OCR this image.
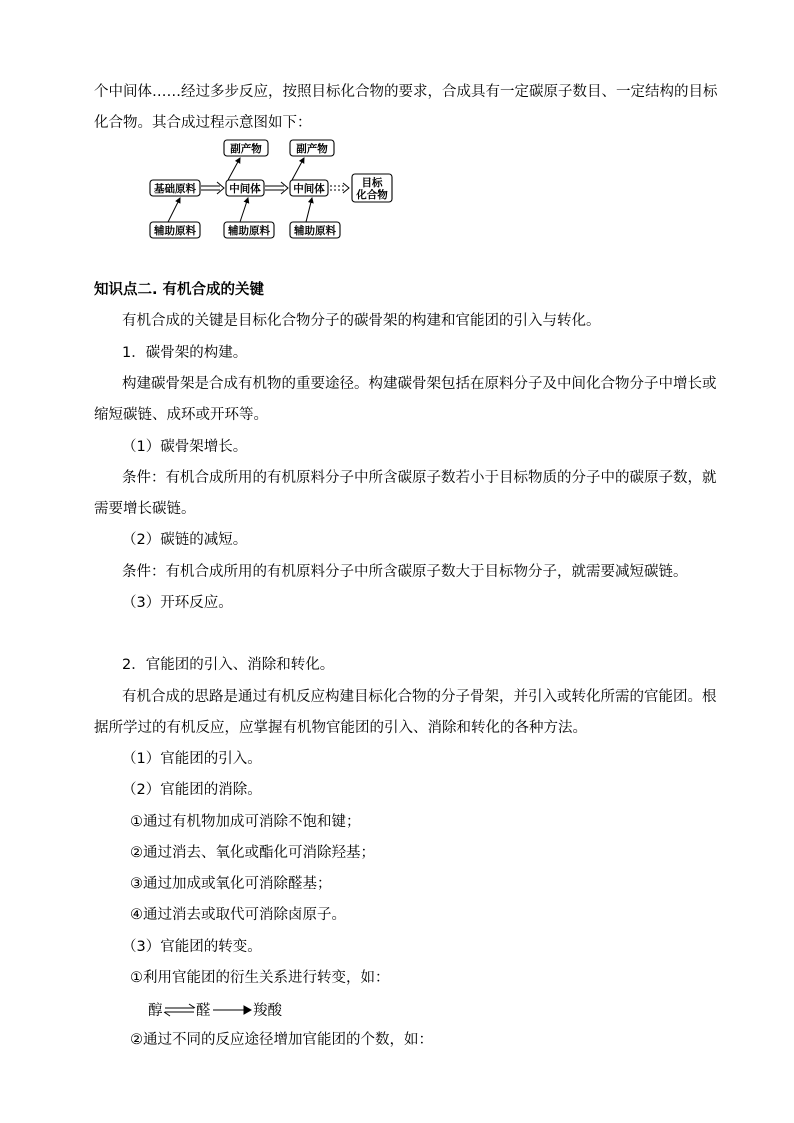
个中间体……经过多步反应，按照目标化合物的要求，合成具有一定碳原子数目、一定结构的目标
化合物。其合成过程示意图如下：
副产物	副产物
基础原料	中间体	中间体	目标
化合物
辅助原料	辅助原料 辅助原料
知识点二. 有机合成的关键
有机合成的关键是目标化合物分子的碳骨架的构建和官能团的引入与转化。
1．碳骨架的构建。
构建碳骨架是合成有机物的重要途径。构建碳骨架包括在原料分子及中间化合物分子中增长或
缩短碳链、成环或开环等。
（1）碳骨架增长。
条件：有机合成所用的有机原料分子中所含碳原子数若小于目标物质的分子中的碳原子数，就
需要增长碳链。
（2）碳链的减短。
条件：有机合成所用的有机原料分子中所含碳原子数大于目标物分子，就需要减短碳链。
（3）开环反应。
2．官能团的引入、消除和转化。
有机合成的思路是通过有机反应构建目标化合物的分子骨架，并引入或转化所需的官能团。根
据所学过的有机反应，应掌握有机物官能团的引入、消除和转化的各种方法。
（1）官能团的引入。
（2）官能团的消除。
①通过有机物加成可消除不饱和键；
②通过消去、氧化或酯化可消除羟基；
③通过加成或氧化可消除醛基；
④通过消去或取代可消除卤原子。
（3）官能团的转变。
①利用官能团的衍生关系进行转变，如：
醇 醛	羧酸
②通过不同的反应途径增加官能团的个数，如：
